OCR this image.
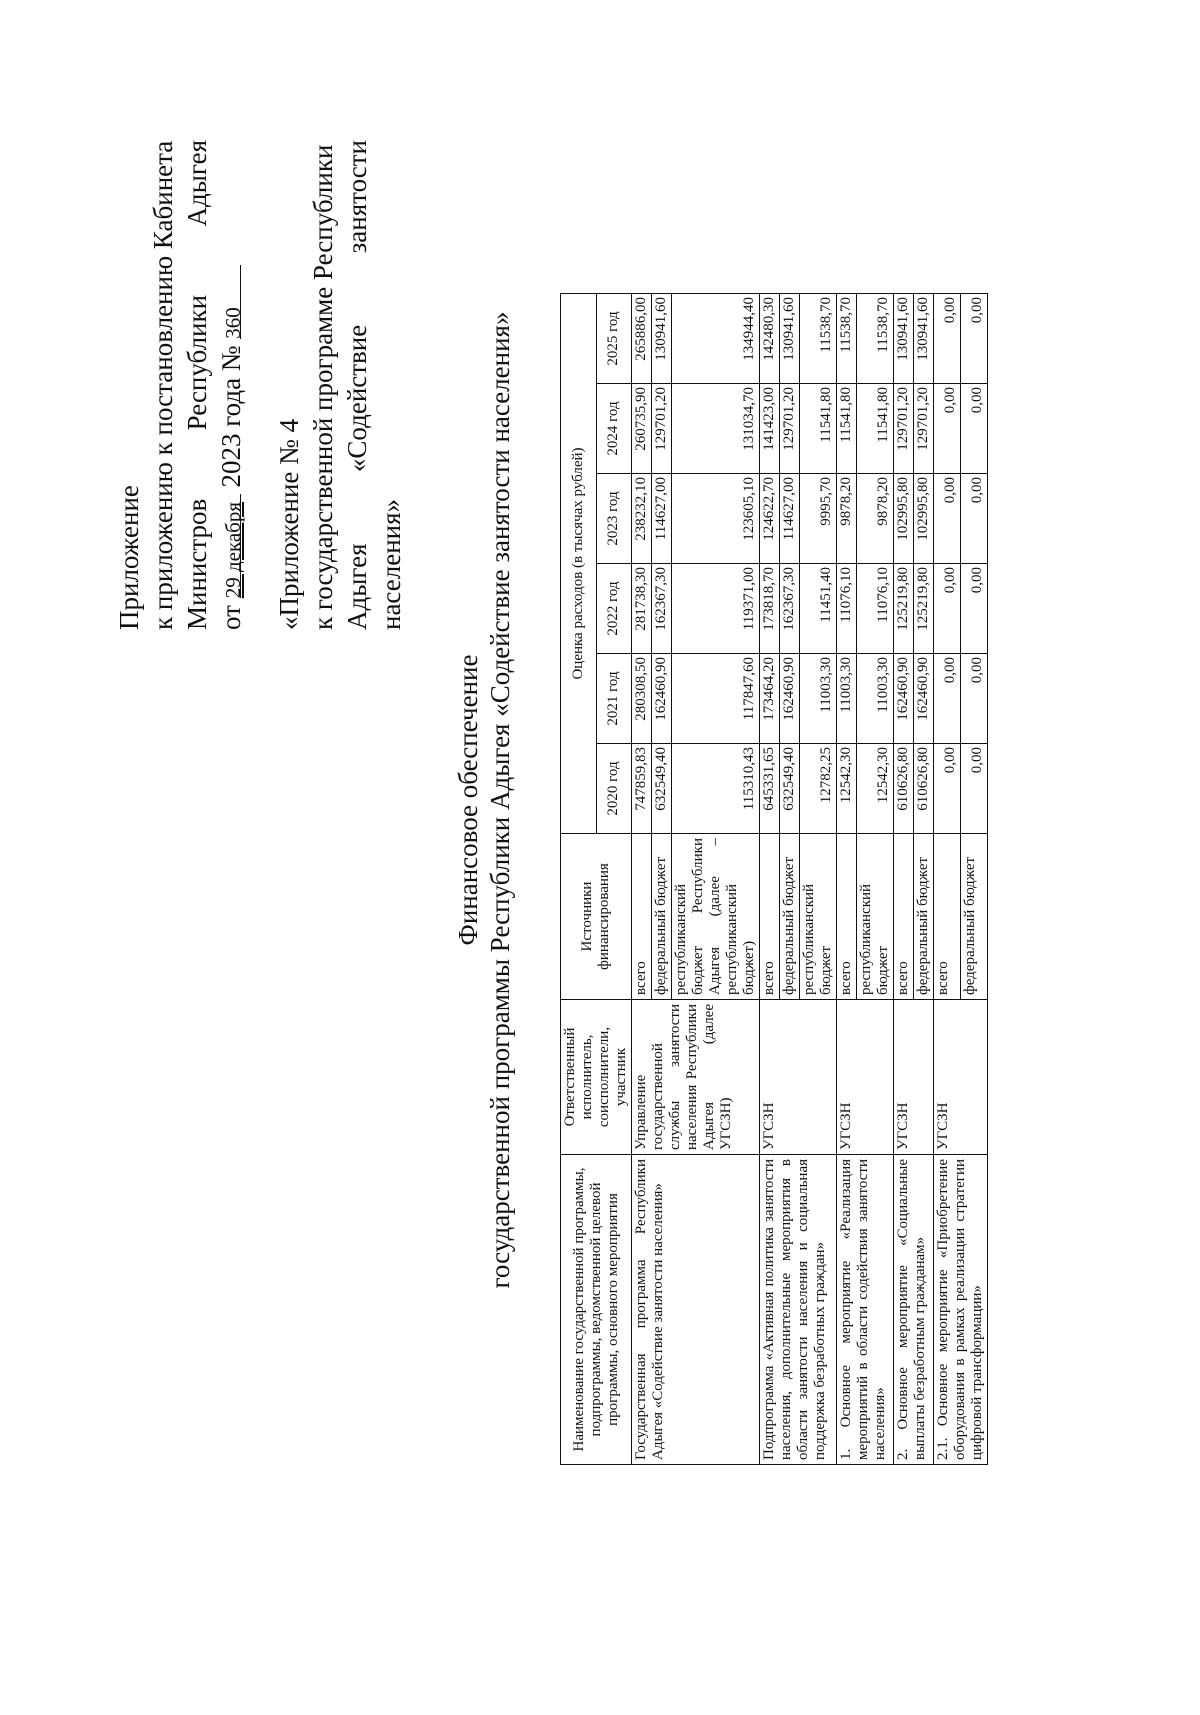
Приложение к приложению к постановлению Кабинета Министров
Республики
Адыгея
от 29 декабря 2023 года № 360
«Приложение № 4 к государственной программе Республики Адыгея
«Содействие
занятости
населения»
Финансовое обеспечение государственной программы Республики Адыгея «Содействие занятости населения»
Наименование государственной программы, подпрограммы, ведомственной целевой программы, основного мероприятия	Ответственный исполнитель, соисполнители, участник	Источники финансирования	Оценка расходов (в тысячах рублей)					
			2020 год	2021 год	2022 год	2023 год	2024 год	2025 год
Государственная программа Республики Адыгея «Содействие занятости населения»	Управление государственной службы занятости населения Республики Адыгея (далее УГСЗН)	всего	747859,83	280308,50	281738,30	238232,10	260735,90	265886,00
		федеральный бюджет	632549,40	162460,90	162367,30	114627,00	129701,20	130941,60
		республиканский бюджет Республики Адыгея (далее – республиканский бюджет)	115310,43	117847,60	119371,00	123605,10	131034,70	134944,40
Подпрограмма «Активная политика занятости населения, дополнительные мероприятия в области занятости населения и социальная поддержка безработных граждан»	УГСЗН	всего	645331,65	173464,20	173818,70	124622,70	141423,00	142480,30
		федеральный бюджет	632549,40	162460,90	162367,30	114627,00	129701,20	130941,60
		республиканский бюджет	12782,25	11003,30	11451,40	9995,70	11541,80	11538,70
1. Основное мероприятие «Реализация мероприятий в области содействия занятости населения»	УГСЗН	всего	12542,30	11003,30	11076,10	9878,20	11541,80	11538,70
		республиканский бюджет	12542,30	11003,30	11076,10	9878,20	11541,80	11538,70
2. Основное мероприятие «Социальные выплаты безработным гражданам»	УГСЗН	всего	610626,80	162460,90	125219,80	102995,80	129701,20	130941,60
		федеральный бюджет	610626,80	162460,90	125219,80	102995,80	129701,20	130941,60
2.1. Основное мероприятие «Приобретение оборудования в рамках реализации стратегии цифровой трансформации»	УГСЗН	всего	0,00	0,00	0,00	0,00	0,00	0,00
		федеральный бюджет	0,00	0,00	0,00	0,00	0,00	0,00
